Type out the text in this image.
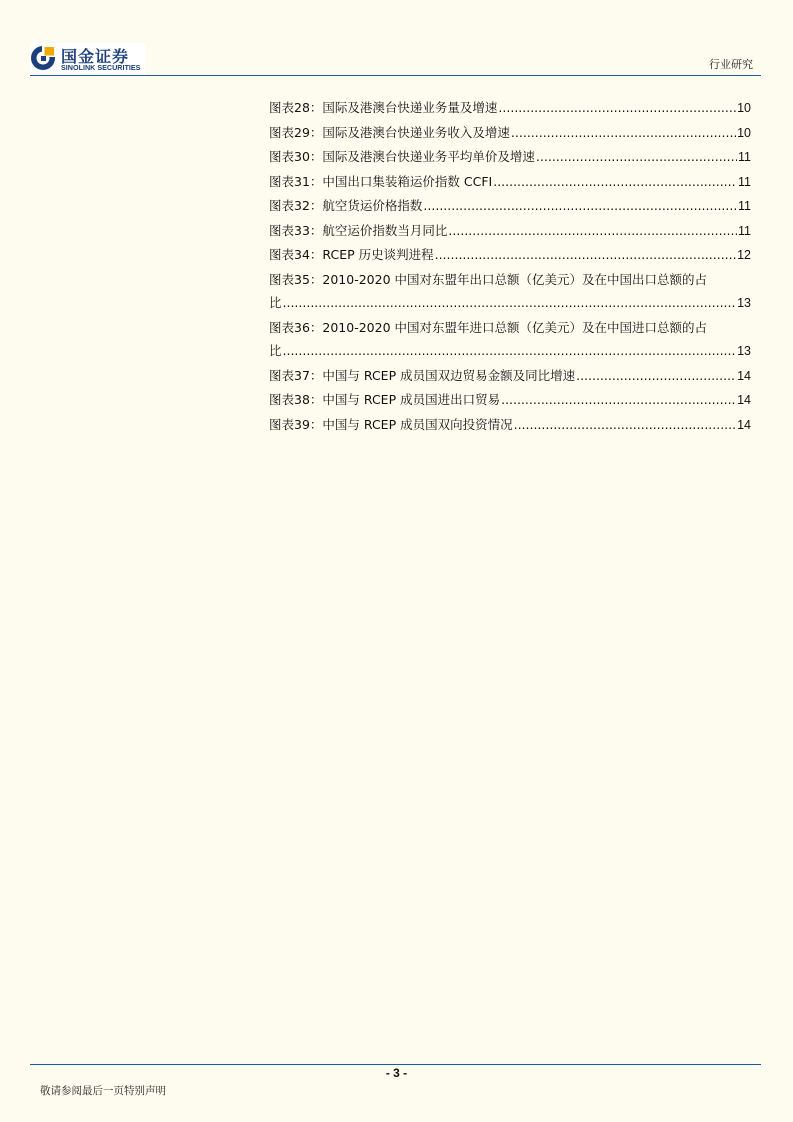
国金证券
SINOLINK SECURITIES	行业研究
图表28：国际及港澳台快递业务量及增速 .....	10
图表29：国际及港澳台快递业务收入及增速 .....	10
图表30：国际及港澳台快递业务平均单价及增速 .....	11
图表31：中国出口集装箱运价指数 CCFI .....	11
图表32：航空货运价格指数 .....	11
图表33：航空运价指数当月同比 .....	11
图表34：RCEP 历史谈判进程 .....	12
图表35：2010-2020 中国对东盟年出口总额（亿美元）及在中国出口总额的占
比 .....	13
图表36：2010-2020 中国对东盟年进口总额（亿美元）及在中国进口总额的占
比 .....	13
图表37：中国与 RCEP 成员国双边贸易金额及同比增速 .....	14
图表38：中国与 RCEP 成员国进出口贸易 .....	14
图表39：中国与 RCEP 成员国双向投资情况 .....	14
- 3 -
敬请参阅最后一页特别声明
